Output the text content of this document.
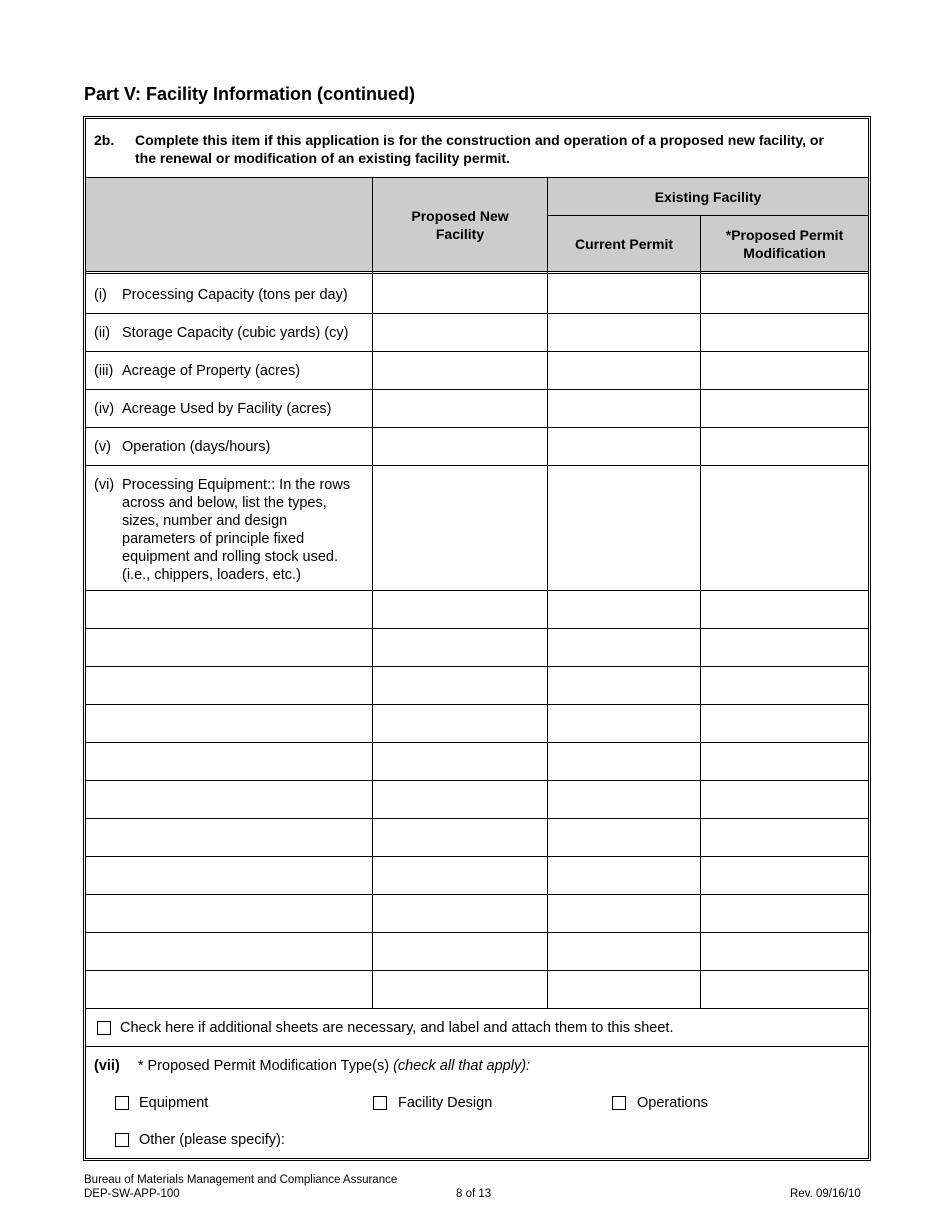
Part V: Facility Information (continued)
2b. Complete this item if this application is for the construction and operation of a proposed new facility, or the renewal or modification of an existing facility permit.
Proposed New Facility
Existing Facility
Current Permit
*Proposed Permit Modification
(i) Processing Capacity (tons per day)
(ii) Storage Capacity (cubic yards) (cy)
(iii) Acreage of Property (acres)
(iv) Acreage Used by Facility (acres)
(v) Operation (days/hours)
(vi) Processing Equipment:: In the rows across and below, list the types, sizes, number and design parameters of principle fixed equipment and rolling stock used. (i.e., chippers, loaders, etc.)
Check here if additional sheets are necessary, and label and attach them to this sheet.
(vii) * Proposed Permit Modification Type(s) (check all that apply):
Equipment	Facility Design	Operations
Other (please specify):
Bureau of Materials Management and Compliance Assurance
DEP-SW-APP-100	8 of 13	Rev. 09/16/10
